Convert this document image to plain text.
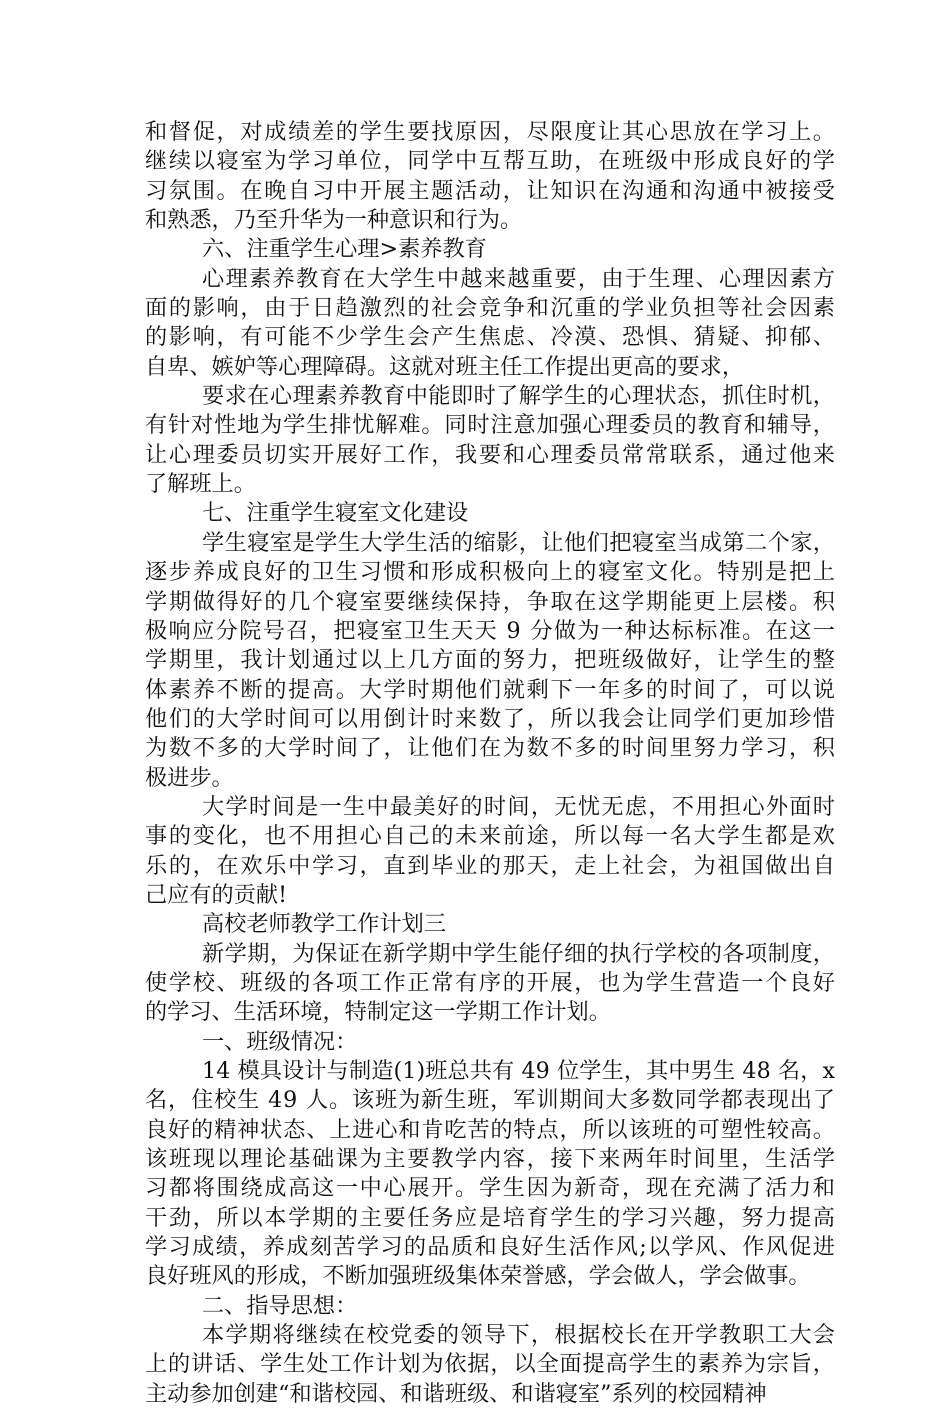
和督促，对成绩差的学生要找原因，尽限度让其心思放在学习上。
继续以寝室为学习单位，同学中互帮互助，在班级中形成良好的学
习氛围。在晚自习中开展主题活动，让知识在沟通和沟通中被接受
和熟悉，乃至升华为一种意识和行为。
六、注重学生心理>素养教育
心理素养教育在大学生中越来越重要，由于生理、心理因素方
面的影响，由于日趋激烈的社会竞争和沉重的学业负担等社会因素
的影响，有可能不少学生会产生焦虑、冷漠、恐惧、猜疑、抑郁、
自卑、嫉妒等心理障碍。这就对班主任工作提出更高的要求，
要求在心理素养教育中能即时了解学生的心理状态，抓住时机，
有针对性地为学生排忧解难。同时注意加强心理委员的教育和辅导，
让心理委员切实开展好工作，我要和心理委员常常联系，通过他来
了解班上。
七、注重学生寝室文化建设
学生寝室是学生大学生活的缩影，让他们把寝室当成第二个家，
逐步养成良好的卫生习惯和形成积极向上的寝室文化。特别是把上
学期做得好的几个寝室要继续保持，争取在这学期能更上层楼。积
极响应分院号召，把寝室卫生天天 9 分做为一种达标标准。在这一
学期里，我计划通过以上几方面的努力，把班级做好，让学生的整
体素养不断的提高。大学时期他们就剩下一年多的时间了，可以说
他们的大学时间可以用倒计时来数了，所以我会让同学们更加珍惜
为数不多的大学时间了，让他们在为数不多的时间里努力学习，积
极进步。
大学时间是一生中最美好的时间，无忧无虑，不用担心外面时
事的变化，也不用担心自己的未来前途，所以每一名大学生都是欢
乐的，在欢乐中学习，直到毕业的那天，走上社会，为祖国做出自
己应有的贡献!
高校老师教学工作计划三
新学期，为保证在新学期中学生能仔细的执行学校的各项制度，
使学校、班级的各项工作正常有序的开展，也为学生营造一个良好
的学习、生活环境，特制定这一学期工作计划。
一、班级情况：
14 模具设计与制造(1)班总共有 49 位学生，其中男生 48 名，x
名，住校生 49 人。该班为新生班，军训期间大多数同学都表现出了
良好的精神状态、上进心和肯吃苦的特点，所以该班的可塑性较高。
该班现以理论基础课为主要教学内容，接下来两年时间里，生活学
习都将围绕成高这一中心展开。学生因为新奇，现在充满了活力和
干劲，所以本学期的主要任务应是培育学生的学习兴趣，努力提高
学习成绩，养成刻苦学习的品质和良好生活作风;以学风、作风促进
良好班风的形成，不断加强班级集体荣誉感，学会做人，学会做事。
二、指导思想：
本学期将继续在校党委的领导下，根据校长在开学教职工大会
上的讲话、学生处工作计划为依据，以全面提高学生的素养为宗旨，
主动参加创建“和谐校园、和谐班级、和谐寝室”系列的校园精神
